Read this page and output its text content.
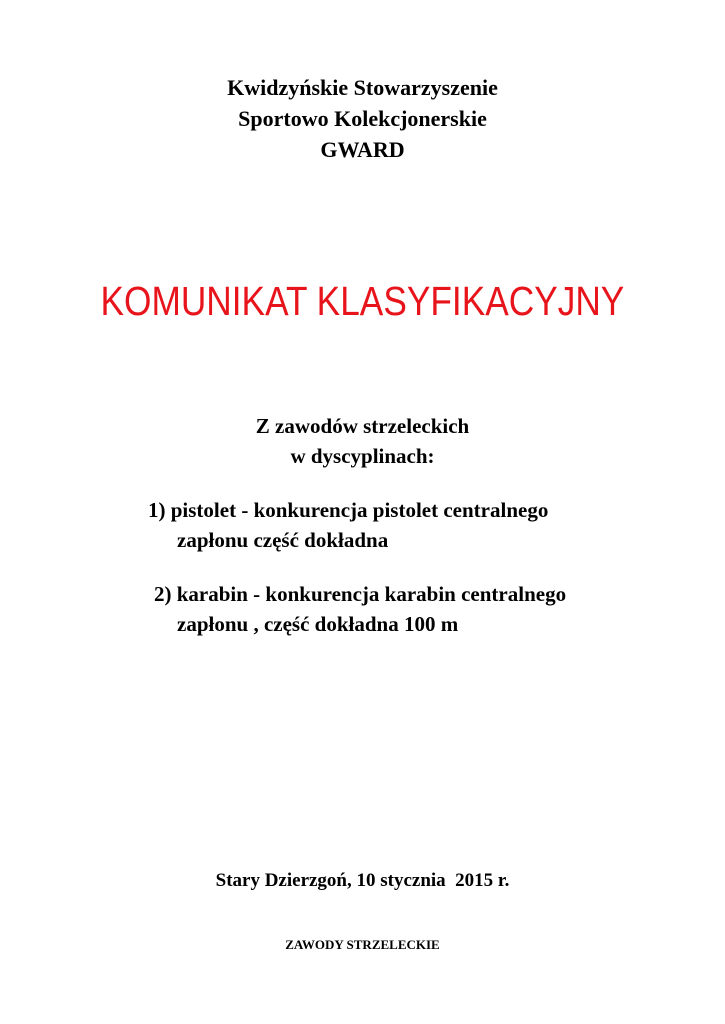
Kwidzyńskie Stowarzyszenie
Sportowo Kolekcjonerskie
GWARD
KOMUNIKAT KLASYFIKACYJNY
Z zawodów strzeleckich
w dyscyplinach:
1) pistolet - konkurencja pistolet centralnego
zapłonu część dokładna
2) karabin - konkurencja karabin centralnego
zapłonu , część dokładna 100 m
Stary Dzierzgoń, 10 stycznia  2015 r.
ZAWODY STRZELECKIE
